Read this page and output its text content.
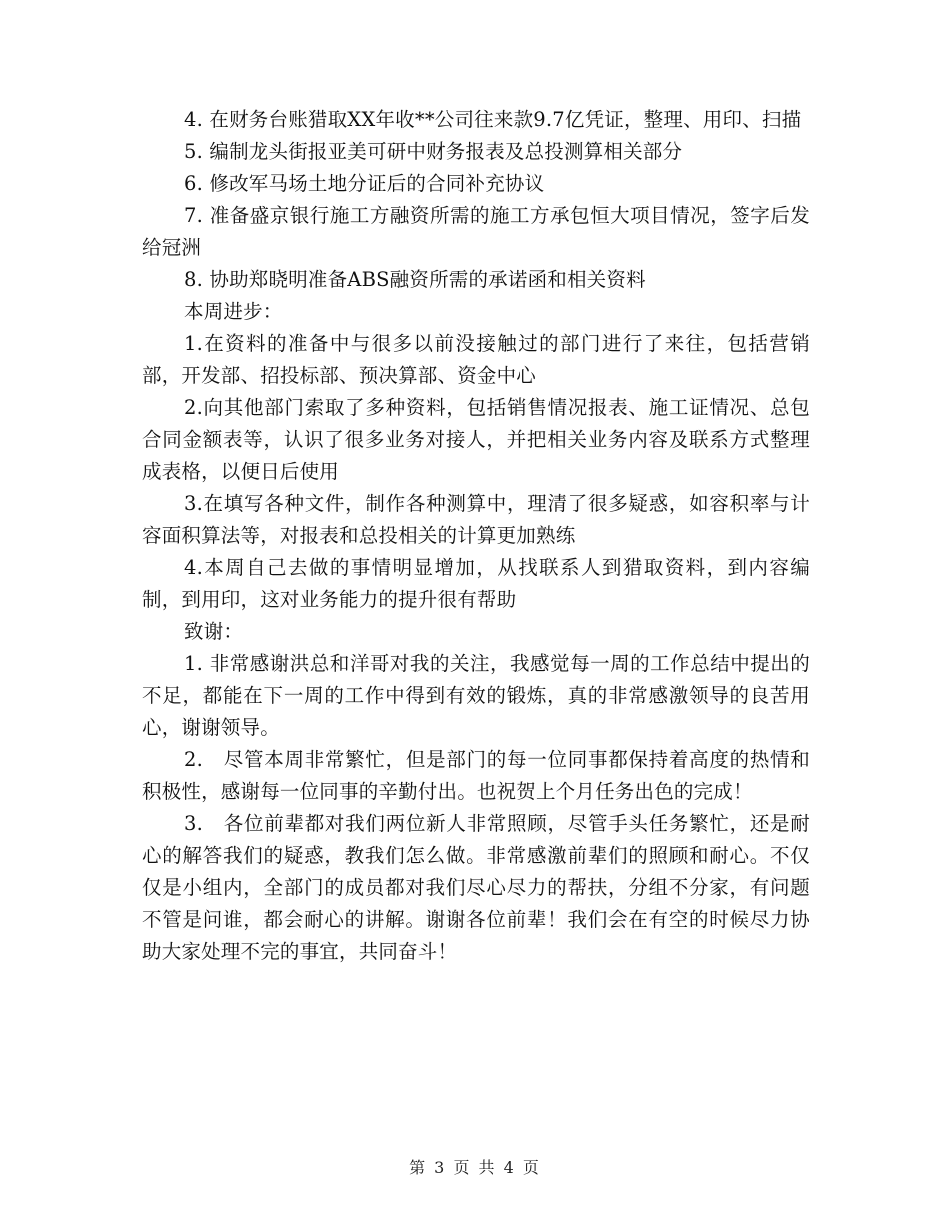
4. 在财务台账猎取XX年收**公司往来款9.7亿凭证，整理、用印、扫描

5. 编制龙头街报亚美可研中财务报表及总投测算相关部分

6. 修改军马场土地分证后的合同补充协议

7. 准备盛京银行施工方融资所需的施工方承包恒大项目情况，签字后发给冠洲

8. 协助郑晓明准备ABS融资所需的承诺函和相关资料

本周进步：

1.在资料的准备中与很多以前没接触过的部门进行了来往，包括营销部，开发部、招投标部、预决算部、资金中心

2.向其他部门索取了多种资料，包括销售情况报表、施工证情况、总包合同金额表等，认识了很多业务对接人，并把相关业务内容及联系方式整理成表格，以便日后使用

3.在填写各种文件，制作各种测算中，理清了很多疑惑，如容积率与计容面积算法等，对报表和总投相关的计算更加熟练

4.本周自己去做的事情明显增加，从找联系人到猎取资料，到内容编制，到用印，这对业务能力的提升很有帮助

致谢：

1. 非常感谢洪总和洋哥对我的关注，我感觉每一周的工作总结中提出的不足，都能在下一周的工作中得到有效的锻炼，真的非常感激领导的良苦用心，谢谢领导。

2.　尽管本周非常繁忙，但是部门的每一位同事都保持着高度的热情和积极性，感谢每一位同事的辛勤付出。也祝贺上个月任务出色的完成！

3.　各位前辈都对我们两位新人非常照顾，尽管手头任务繁忙，还是耐心的解答我们的疑惑，教我们怎么做。非常感激前辈们的照顾和耐心。不仅仅是小组内，全部门的成员都对我们尽心尽力的帮扶，分组不分家，有问题不管是问谁，都会耐心的讲解。谢谢各位前辈！我们会在有空的时候尽力协助大家处理不完的事宜，共同奋斗！

第 3 页 共 4 页
